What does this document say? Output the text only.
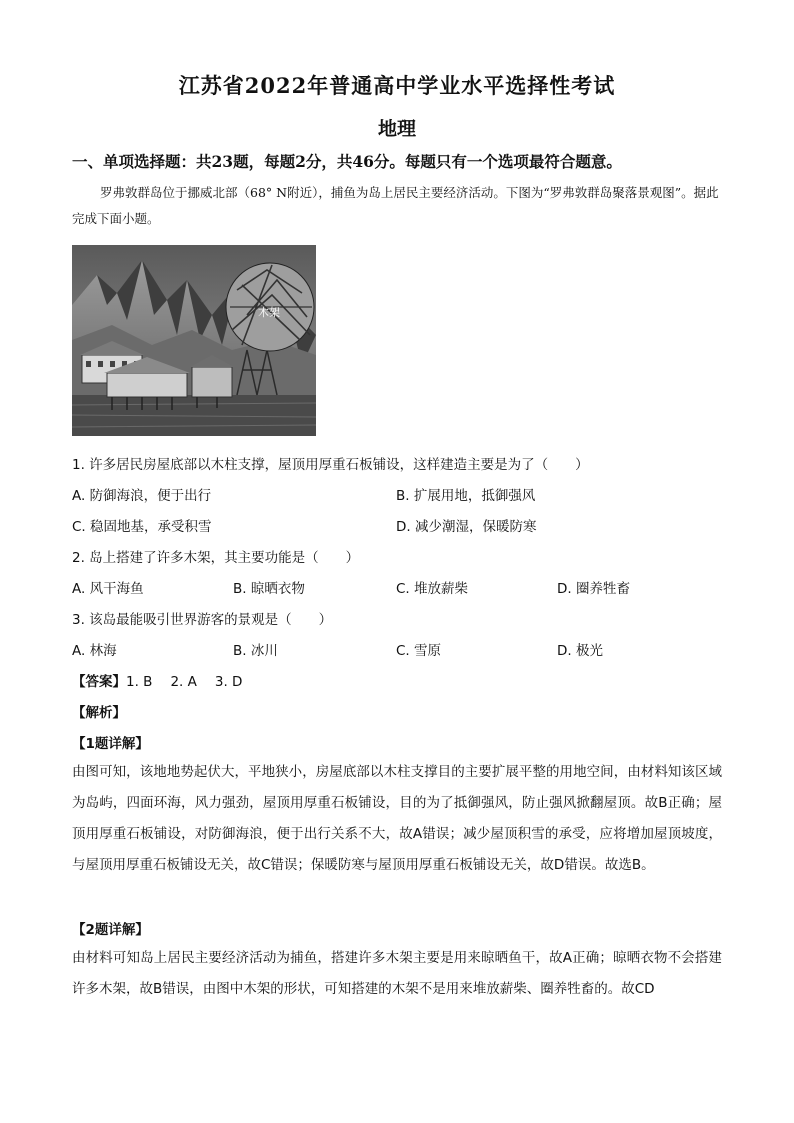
江苏省2022年普通高中学业水平选择性考试
地理
一、单项选择题：共23题，每题2分，共46分。每题只有一个选项最符合题意。
罗弗敦群岛位于挪威北部（68° N附近），捕鱼为岛上居民主要经济活动。下图为“罗弗敦群岛聚落景观图”。据此完成下面小题。
木架
1. 许多居民房屋底部以木柱支撑，屋顶用厚重石板铺设，这样建造主要是为了（　　）
A. 防御海浪，便于出行	B. 扩展用地，抵御强风
C. 稳固地基，承受积雪	D. 减少潮湿，保暖防寒
2. 岛上搭建了许多木架，其主要功能是（　　）
A. 风干海鱼	B. 晾晒衣物	C. 堆放薪柴	D. 圈养牲畜
3. 该岛最能吸引世界游客的景观是（　　）
A. 林海	B. 冰川	C. 雪原	D. 极光
【答案】1. B 2. A 3. D
【解析】
【1题详解】
由图可知，该地地势起伏大，平地狭小，房屋底部以木柱支撑目的主要扩展平整的用地空间，由材料知该区域为岛屿，四面环海，风力强劲，屋顶用厚重石板铺设，目的为了抵御强风，防止强风掀翻屋顶。故B正确；屋顶用厚重石板铺设，对防御海浪，便于出行关系不大，故A错误；减少屋顶积雪的承受，应将增加屋顶坡度，与屋顶用厚重石板铺设无关，故C错误；保暖防寒与屋顶用厚重石板铺设无关，故D错误。故选B。
【2题详解】
由材料可知岛上居民主要经济活动为捕鱼，搭建许多木架主要是用来晾晒鱼干，故A正确；晾晒衣物不会搭建许多木架，故B错误，由图中木架的形状，可知搭建的木架不是用来堆放薪柴、圈养牲畜的。故CD
